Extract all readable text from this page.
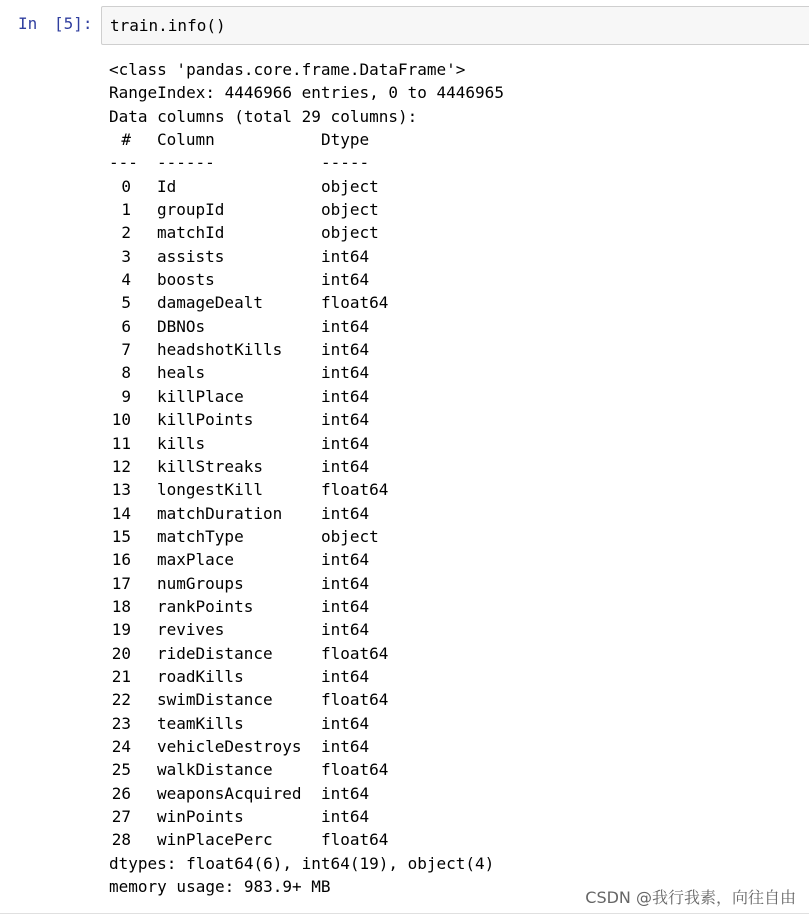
In [5]: train.info()
<class 'pandas.core.frame.DataFrame'>
RangeIndex: 4446966 entries, 0 to 4446965
Data columns (total 29 columns):
# Column	Dtype
--- ------	-----
0 Id	object
1 groupId	object
2 matchId	object
3 assists	int64
4 boosts	int64
5 damageDealt	float64
6 DBNOs	int64
7 headshotKills int64
8 heals	int64
9 killPlace	int64
10 killPoints	int64
11 kills	int64
12 killStreaks	int64
13 longestKill	float64
14 matchDuration int64
15 matchType	object
16 maxPlace	int64
17 numGroups	int64
18 rankPoints	int64
19 revives	int64
20 rideDistance	float64
21 roadKills	int64
22 swimDistance	float64
23 teamKills	int64
24 vehicleDestroys int64
25 walkDistance	float64
26 weaponsAcquired int64
27 winPoints	int64
28 winPlacePerc	float64
dtypes: float64(6), int64(19), object(4)
memory usage: 983.9+ MB
CSDN @我行我素，向往自由
